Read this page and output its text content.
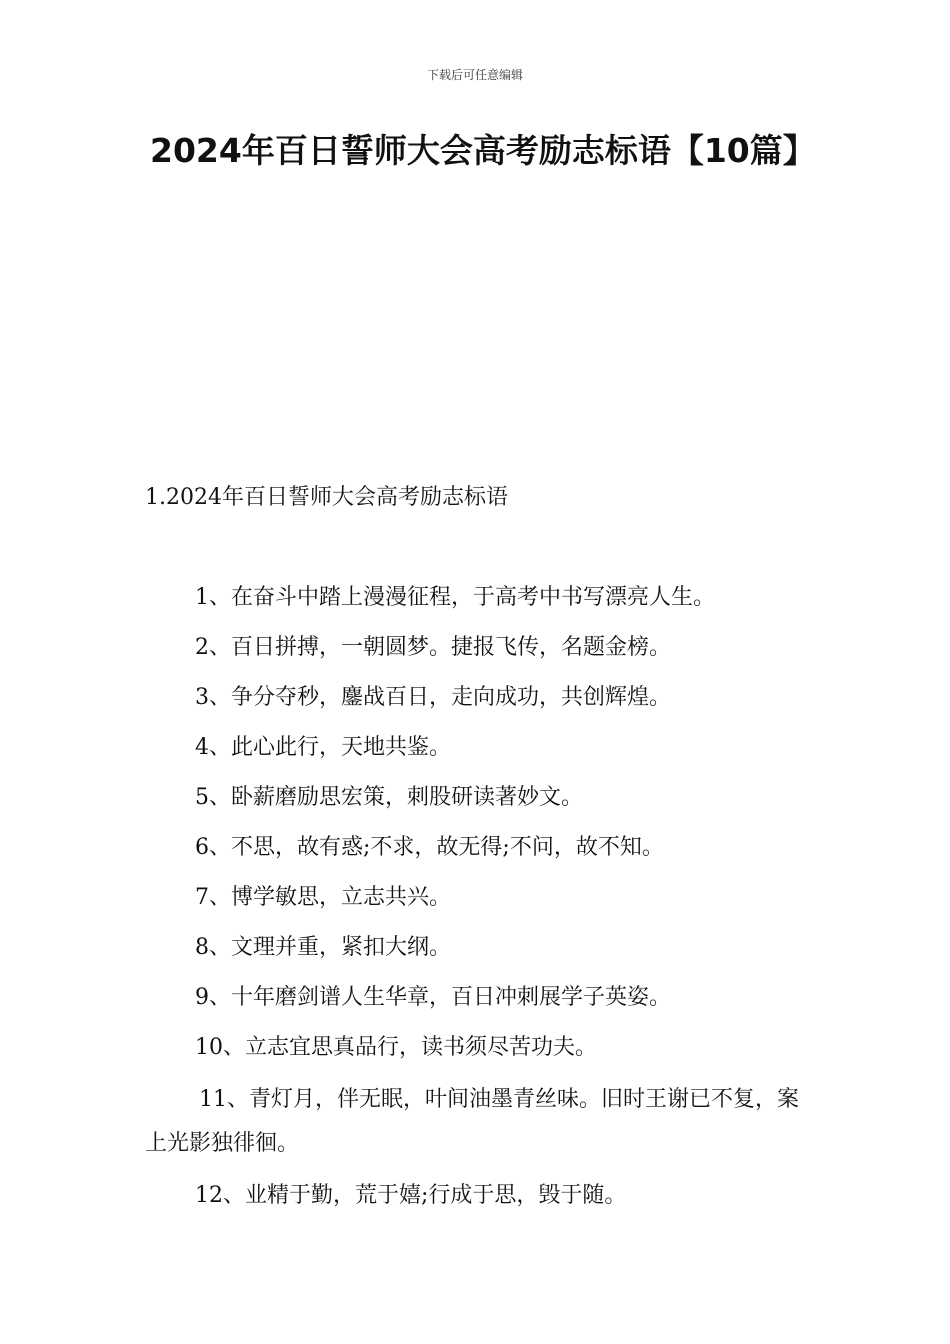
下载后可任意编辑
2024年百日誓师大会高考励志标语【10篇】
1.2024年百日誓师大会高考励志标语
1、在奋斗中踏上漫漫征程，于高考中书写漂亮人生。
2、百日拼搏，一朝圆梦。捷报飞传，名题金榜。
3、争分夺秒，鏖战百日，走向成功，共创辉煌。
4、此心此行，天地共鉴。
5、卧薪磨励思宏策，刺股研读著妙文。
6、不思，故有惑;不求，故无得;不问，故不知。
7、博学敏思，立志共兴。
8、文理并重，紧扣大纲。
9、十年磨剑谱人生华章，百日冲刺展学子英姿。
10、立志宜思真品行，读书须尽苦功夫。
11、青灯月，伴无眠，叶间油墨青丝味。旧时王谢已不复，案上光影独徘徊。
12、业精于勤，荒于嬉;行成于思，毁于随。
